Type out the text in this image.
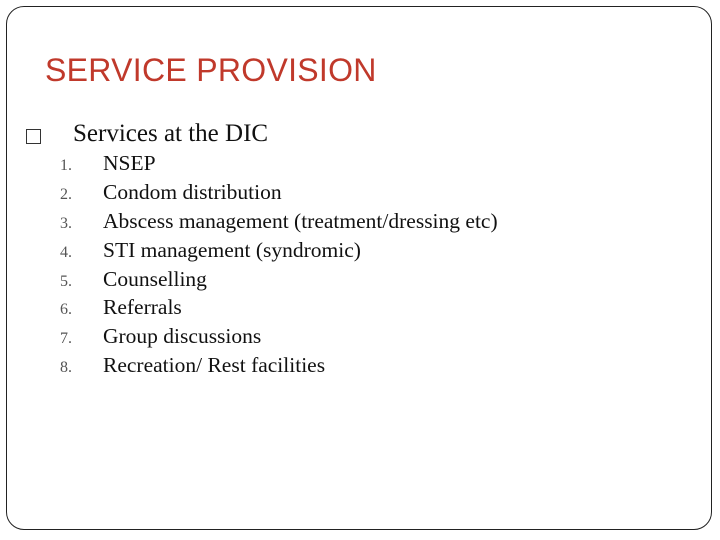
SERVICE PROVISION
Services at the DIC
1.	NSEP
2.	Condom distribution
3.	Abscess management (treatment/dressing etc)
4.	STI management (syndromic)
5.	Counselling
6.	Referrals
7.	Group discussions
8.	Recreation/ Rest facilities
